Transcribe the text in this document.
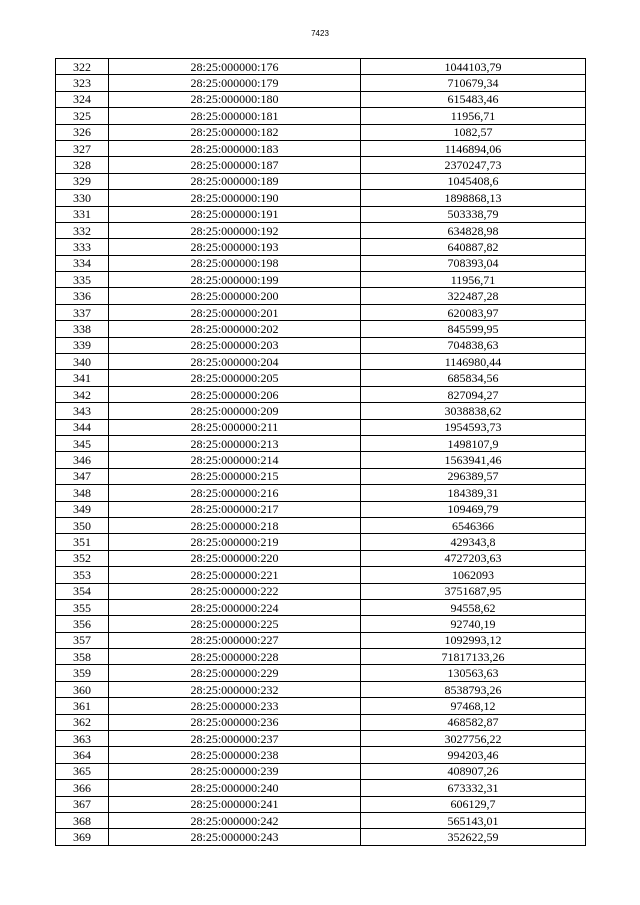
7423
322	28:25:000000:176	1044103,79
323	28:25:000000:179	710679,34
324	28:25:000000:180	615483,46
325	28:25:000000:181	11956,71
326	28:25:000000:182	1082,57
327	28:25:000000:183	1146894,06
328	28:25:000000:187	2370247,73
329	28:25:000000:189	1045408,6
330	28:25:000000:190	1898868,13
331	28:25:000000:191	503338,79
332	28:25:000000:192	634828,98
333	28:25:000000:193	640887,82
334	28:25:000000:198	708393,04
335	28:25:000000:199	11956,71
336	28:25:000000:200	322487,28
337	28:25:000000:201	620083,97
338	28:25:000000:202	845599,95
339	28:25:000000:203	704838,63
340	28:25:000000:204	1146980,44
341	28:25:000000:205	685834,56
342	28:25:000000:206	827094,27
343	28:25:000000:209	3038838,62
344	28:25:000000:211	1954593,73
345	28:25:000000:213	1498107,9
346	28:25:000000:214	1563941,46
347	28:25:000000:215	296389,57
348	28:25:000000:216	184389,31
349	28:25:000000:217	109469,79
350	28:25:000000:218	6546366
351	28:25:000000:219	429343,8
352	28:25:000000:220	4727203,63
353	28:25:000000:221	1062093
354	28:25:000000:222	3751687,95
355	28:25:000000:224	94558,62
356	28:25:000000:225	92740,19
357	28:25:000000:227	1092993,12
358	28:25:000000:228	71817133,26
359	28:25:000000:229	130563,63
360	28:25:000000:232	8538793,26
361	28:25:000000:233	97468,12
362	28:25:000000:236	468582,87
363	28:25:000000:237	3027756,22
364	28:25:000000:238	994203,46
365	28:25:000000:239	408907,26
366	28:25:000000:240	673332,31
367	28:25:000000:241	606129,7
368	28:25:000000:242	565143,01
369	28:25:000000:243	352622,59
